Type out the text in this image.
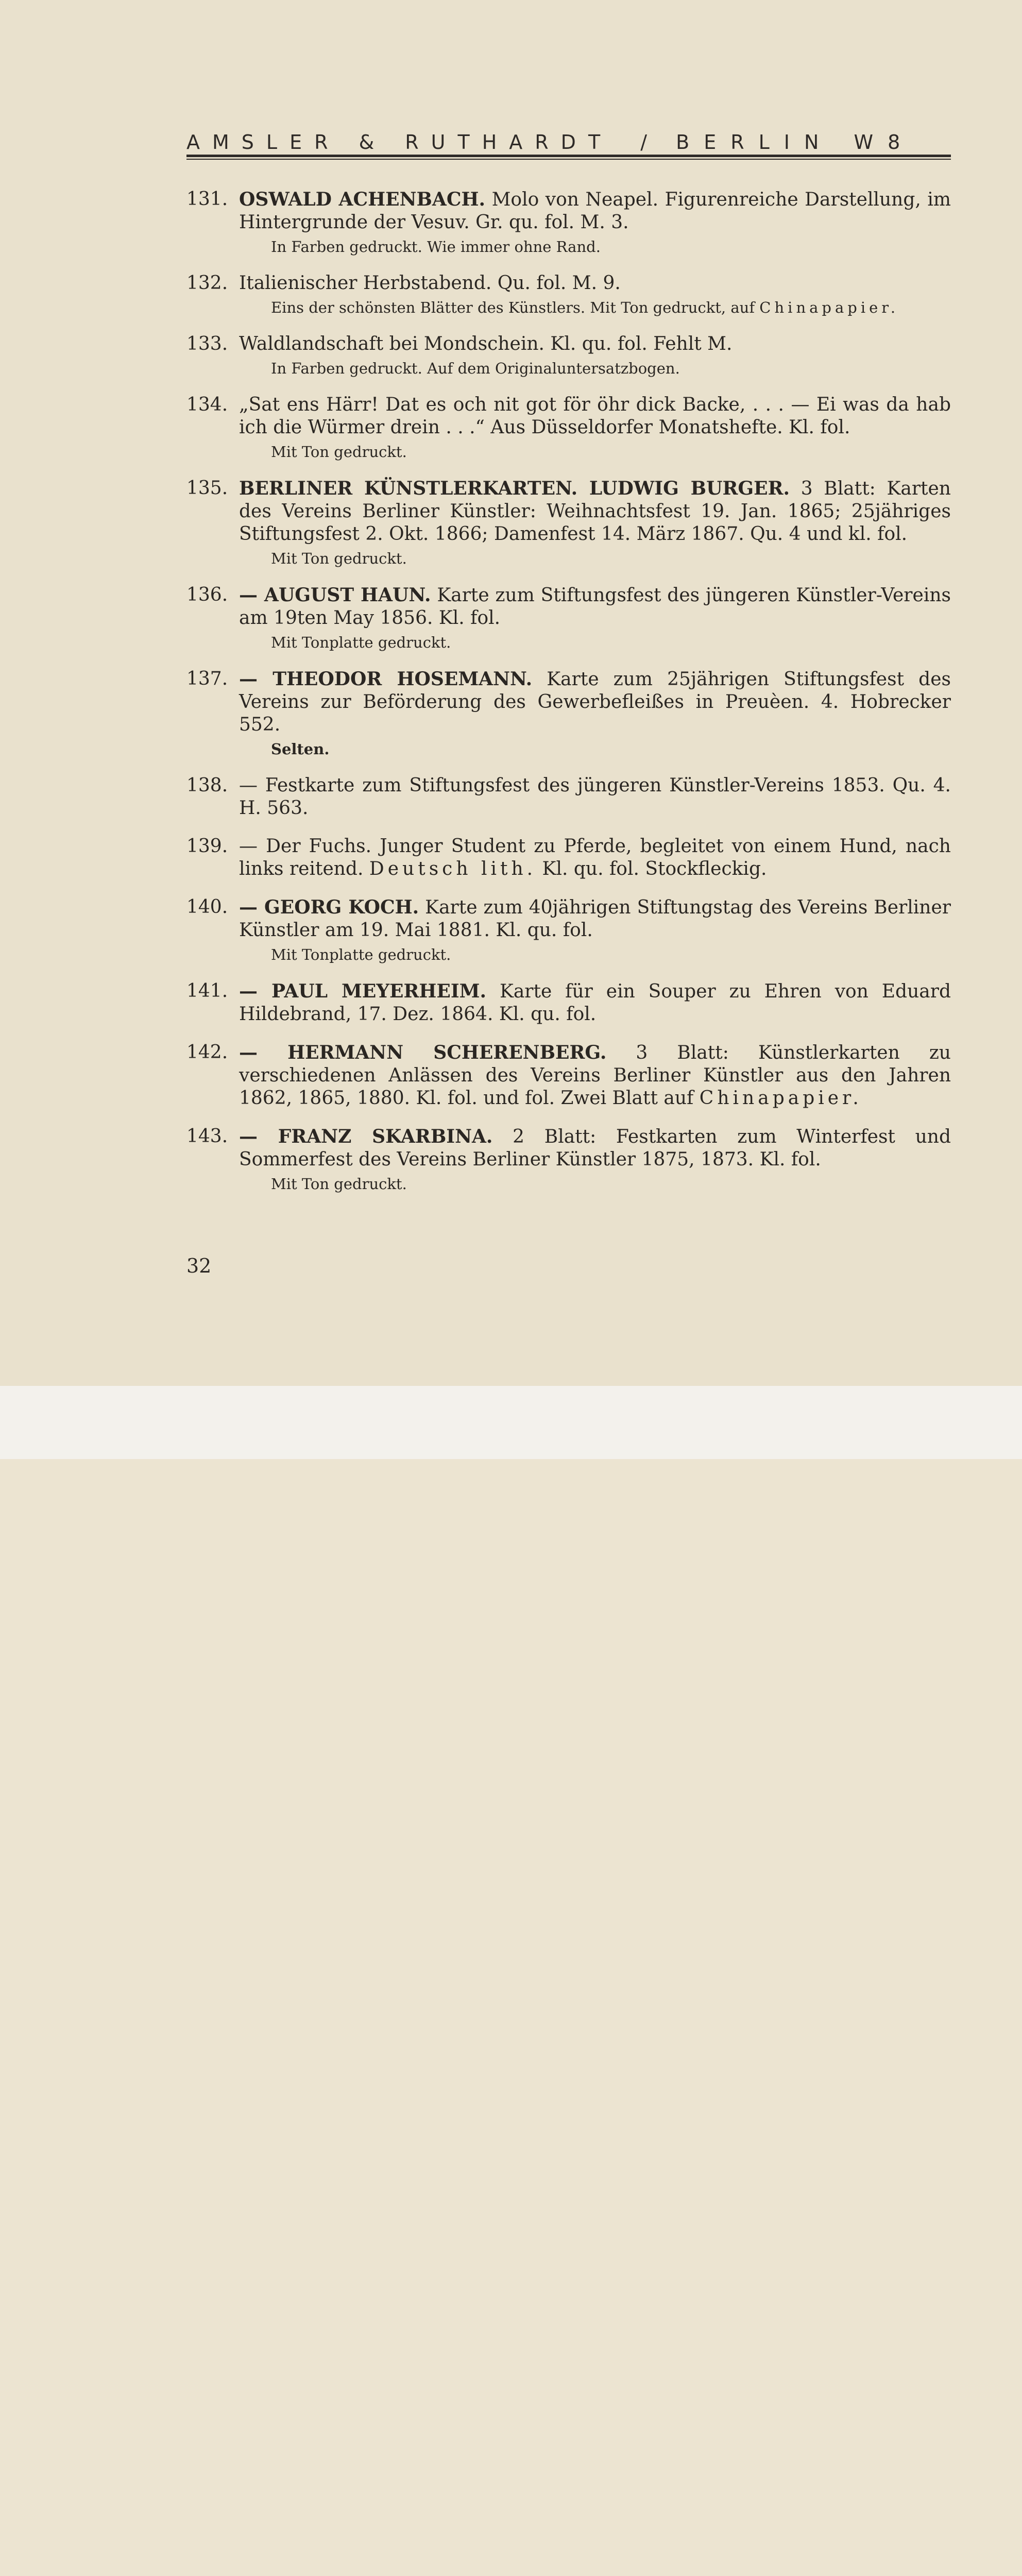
AMSLER & RUTHARDT / BERLIN W8
131. OSWALD ACHENBACH. Molo von Neapel. Figurenreiche Darstellung, im Hintergrunde der Vesuv. Gr. qu. fol. M. 3.
In Farben gedruckt. Wie immer ohne Rand.
132. Italienischer Herbstabend. Qu. fol. M. 9.
Eins der schönsten Blätter des Künstlers. Mit Ton gedruckt, auf Chinapapier.
133. Waldlandschaft bei Mondschein. Kl. qu. fol. Fehlt M.
In Farben gedruckt. Auf dem Originaluntersatzbogen.
134. „Sat ens Härr! Dat es och nit got för öhr dick Backe, . . . — Ei was da hab ich die Würmer drein . . .“ Aus Düsseldorfer Monatshefte. Kl. fol.
Mit Ton gedruckt.
135. BERLINER KÜNSTLERKARTEN. LUDWIG BURGER. 3 Blatt: Karten des Vereins Berliner Künstler: Weihnachtsfest 19. Jan. 1865; 25jähriges Stiftungsfest 2. Okt. 1866; Damenfest 14. März 1867. Qu. 4 und kl. fol.
Mit Ton gedruckt.
136. — AUGUST HAUN. Karte zum Stiftungsfest des jüngeren Künstler-Vereins am 19ten May 1856. Kl. fol.
Mit Tonplatte gedruckt.
137. — THEODOR HOSEMANN. Karte zum 25jährigen Stiftungsfest des Vereins zur Beförderung des Gewerbefleißes in Preuèen. 4. Hobrecker 552.
Selten.
138. — Festkarte zum Stiftungsfest des jüngeren Künstler-Vereins 1853. Qu. 4. H. 563.
139. — Der Fuchs. Junger Student zu Pferde, begleitet von einem Hund, nach links reitend. Deutsch lith. Kl. qu. fol. Stockfleckig.
140. — GEORG KOCH. Karte zum 40jährigen Stiftungstag des Vereins Berliner Künstler am 19. Mai 1881. Kl. qu. fol.
Mit Tonplatte gedruckt.
141. — PAUL MEYERHEIM. Karte für ein Souper zu Ehren von Eduard Hildebrand, 17. Dez. 1864. Kl. qu. fol.
142. — HERMANN SCHERENBERG. 3 Blatt: Künstlerkarten zu verschiedenen Anlässen des Vereins Berliner Künstler aus den Jahren 1862, 1865, 1880. Kl. fol. und fol. Zwei Blatt auf Chinapapier.
143. — FRANZ SKARBINA. 2 Blatt: Festkarten zum Winterfest und Sommerfest des Vereins Berliner Künstler 1875, 1873. Kl. fol.
Mit Ton gedruckt.
32
